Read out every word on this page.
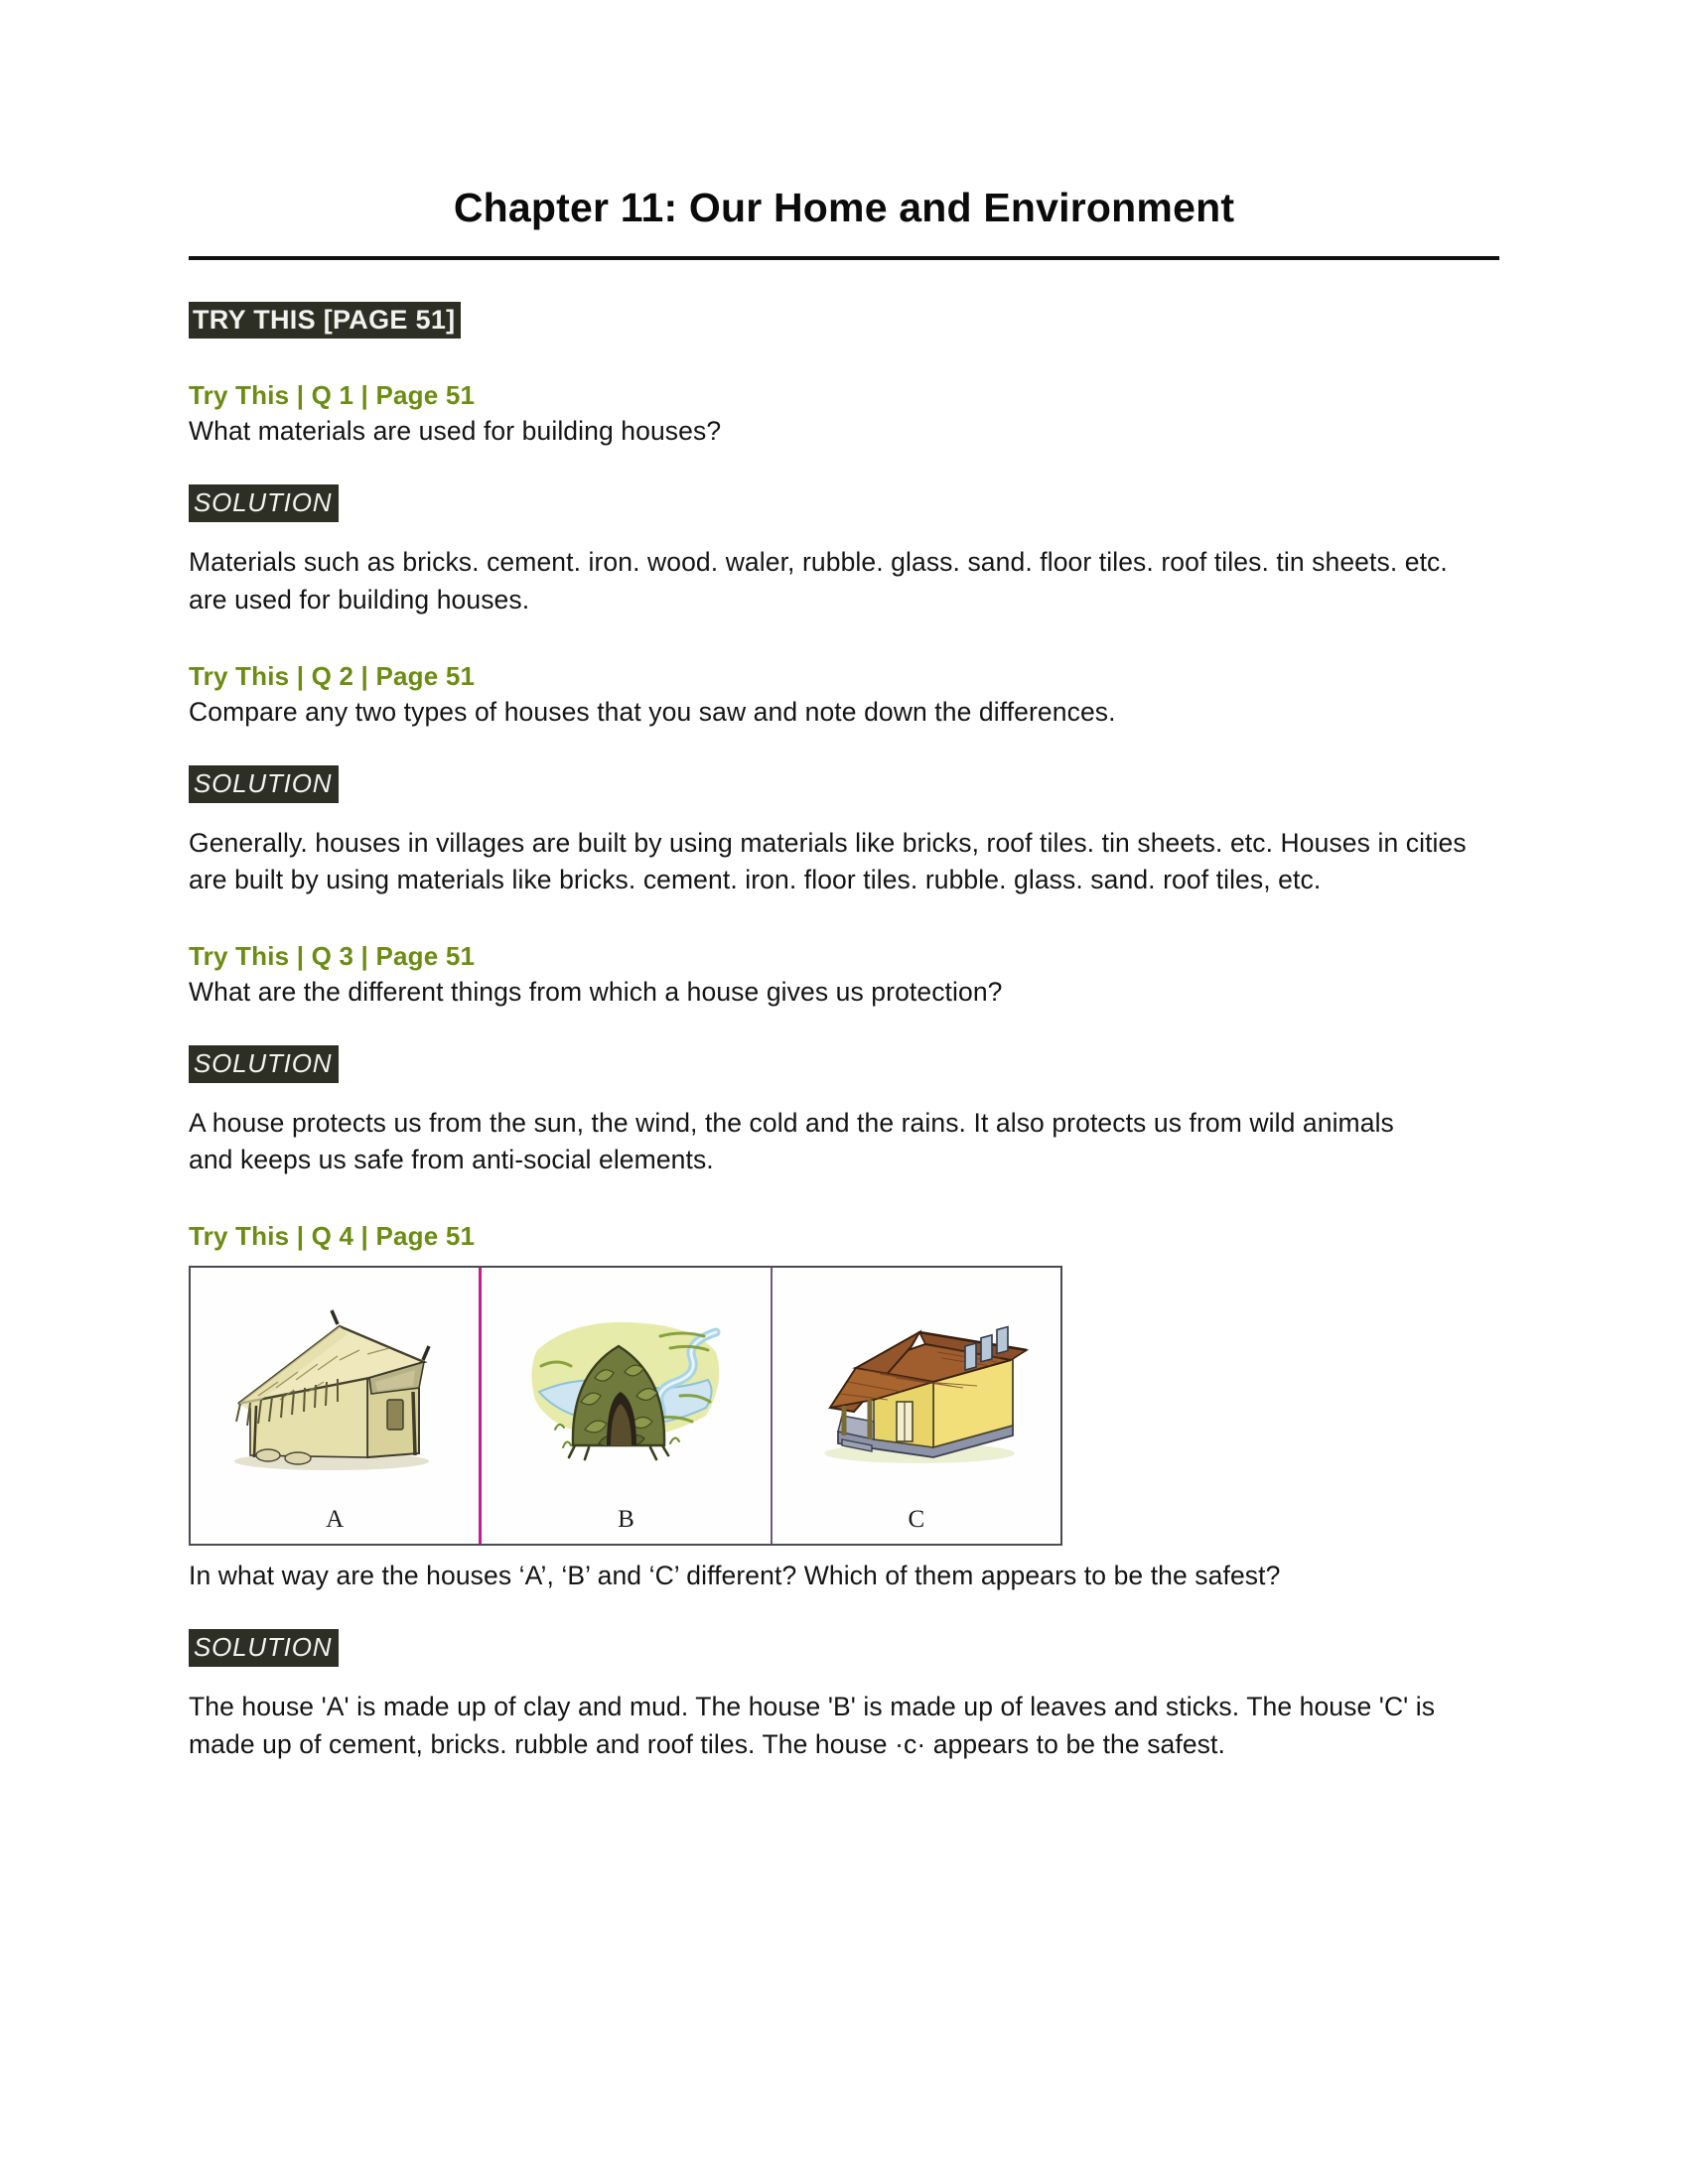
Chapter 11: Our Home and Environment
TRY THIS [PAGE 51]
Try This | Q 1 | Page 51

What materials are used for building houses?

SOLUTION

Materials such as bricks. cement. iron. wood. waler, rubble. glass. sand. floor tiles. roof tiles. tin sheets. etc. are used for building houses.

Try This | Q 2 | Page 51

Compare any two types of houses that you saw and note down the differences.

SOLUTION

Generally. houses in villages are built by using materials like bricks, roof tiles. tin sheets. etc. Houses in cities are built by using materials like bricks. cement. iron. floor tiles. rubble. glass. sand. roof tiles, etc.

Try This | Q 3 | Page 51

What are the different things from which a house gives us protection?

SOLUTION

A house protects us from the sun, the wind, the cold and the rains. It also protects us from wild animals and keeps us safe from anti-social elements.

Try This | Q 4 | Page 51
A	B	C

In what way are the houses ‘A’, ‘B’ and ‘C’ different? Which of them appears to be the safest?

SOLUTION

The house 'A' is made up of clay and mud. The house 'B' is made up of leaves and sticks. The house 'C' is made up of cement, bricks. rubble and roof tiles. The house ·c· appears to be the safest.
